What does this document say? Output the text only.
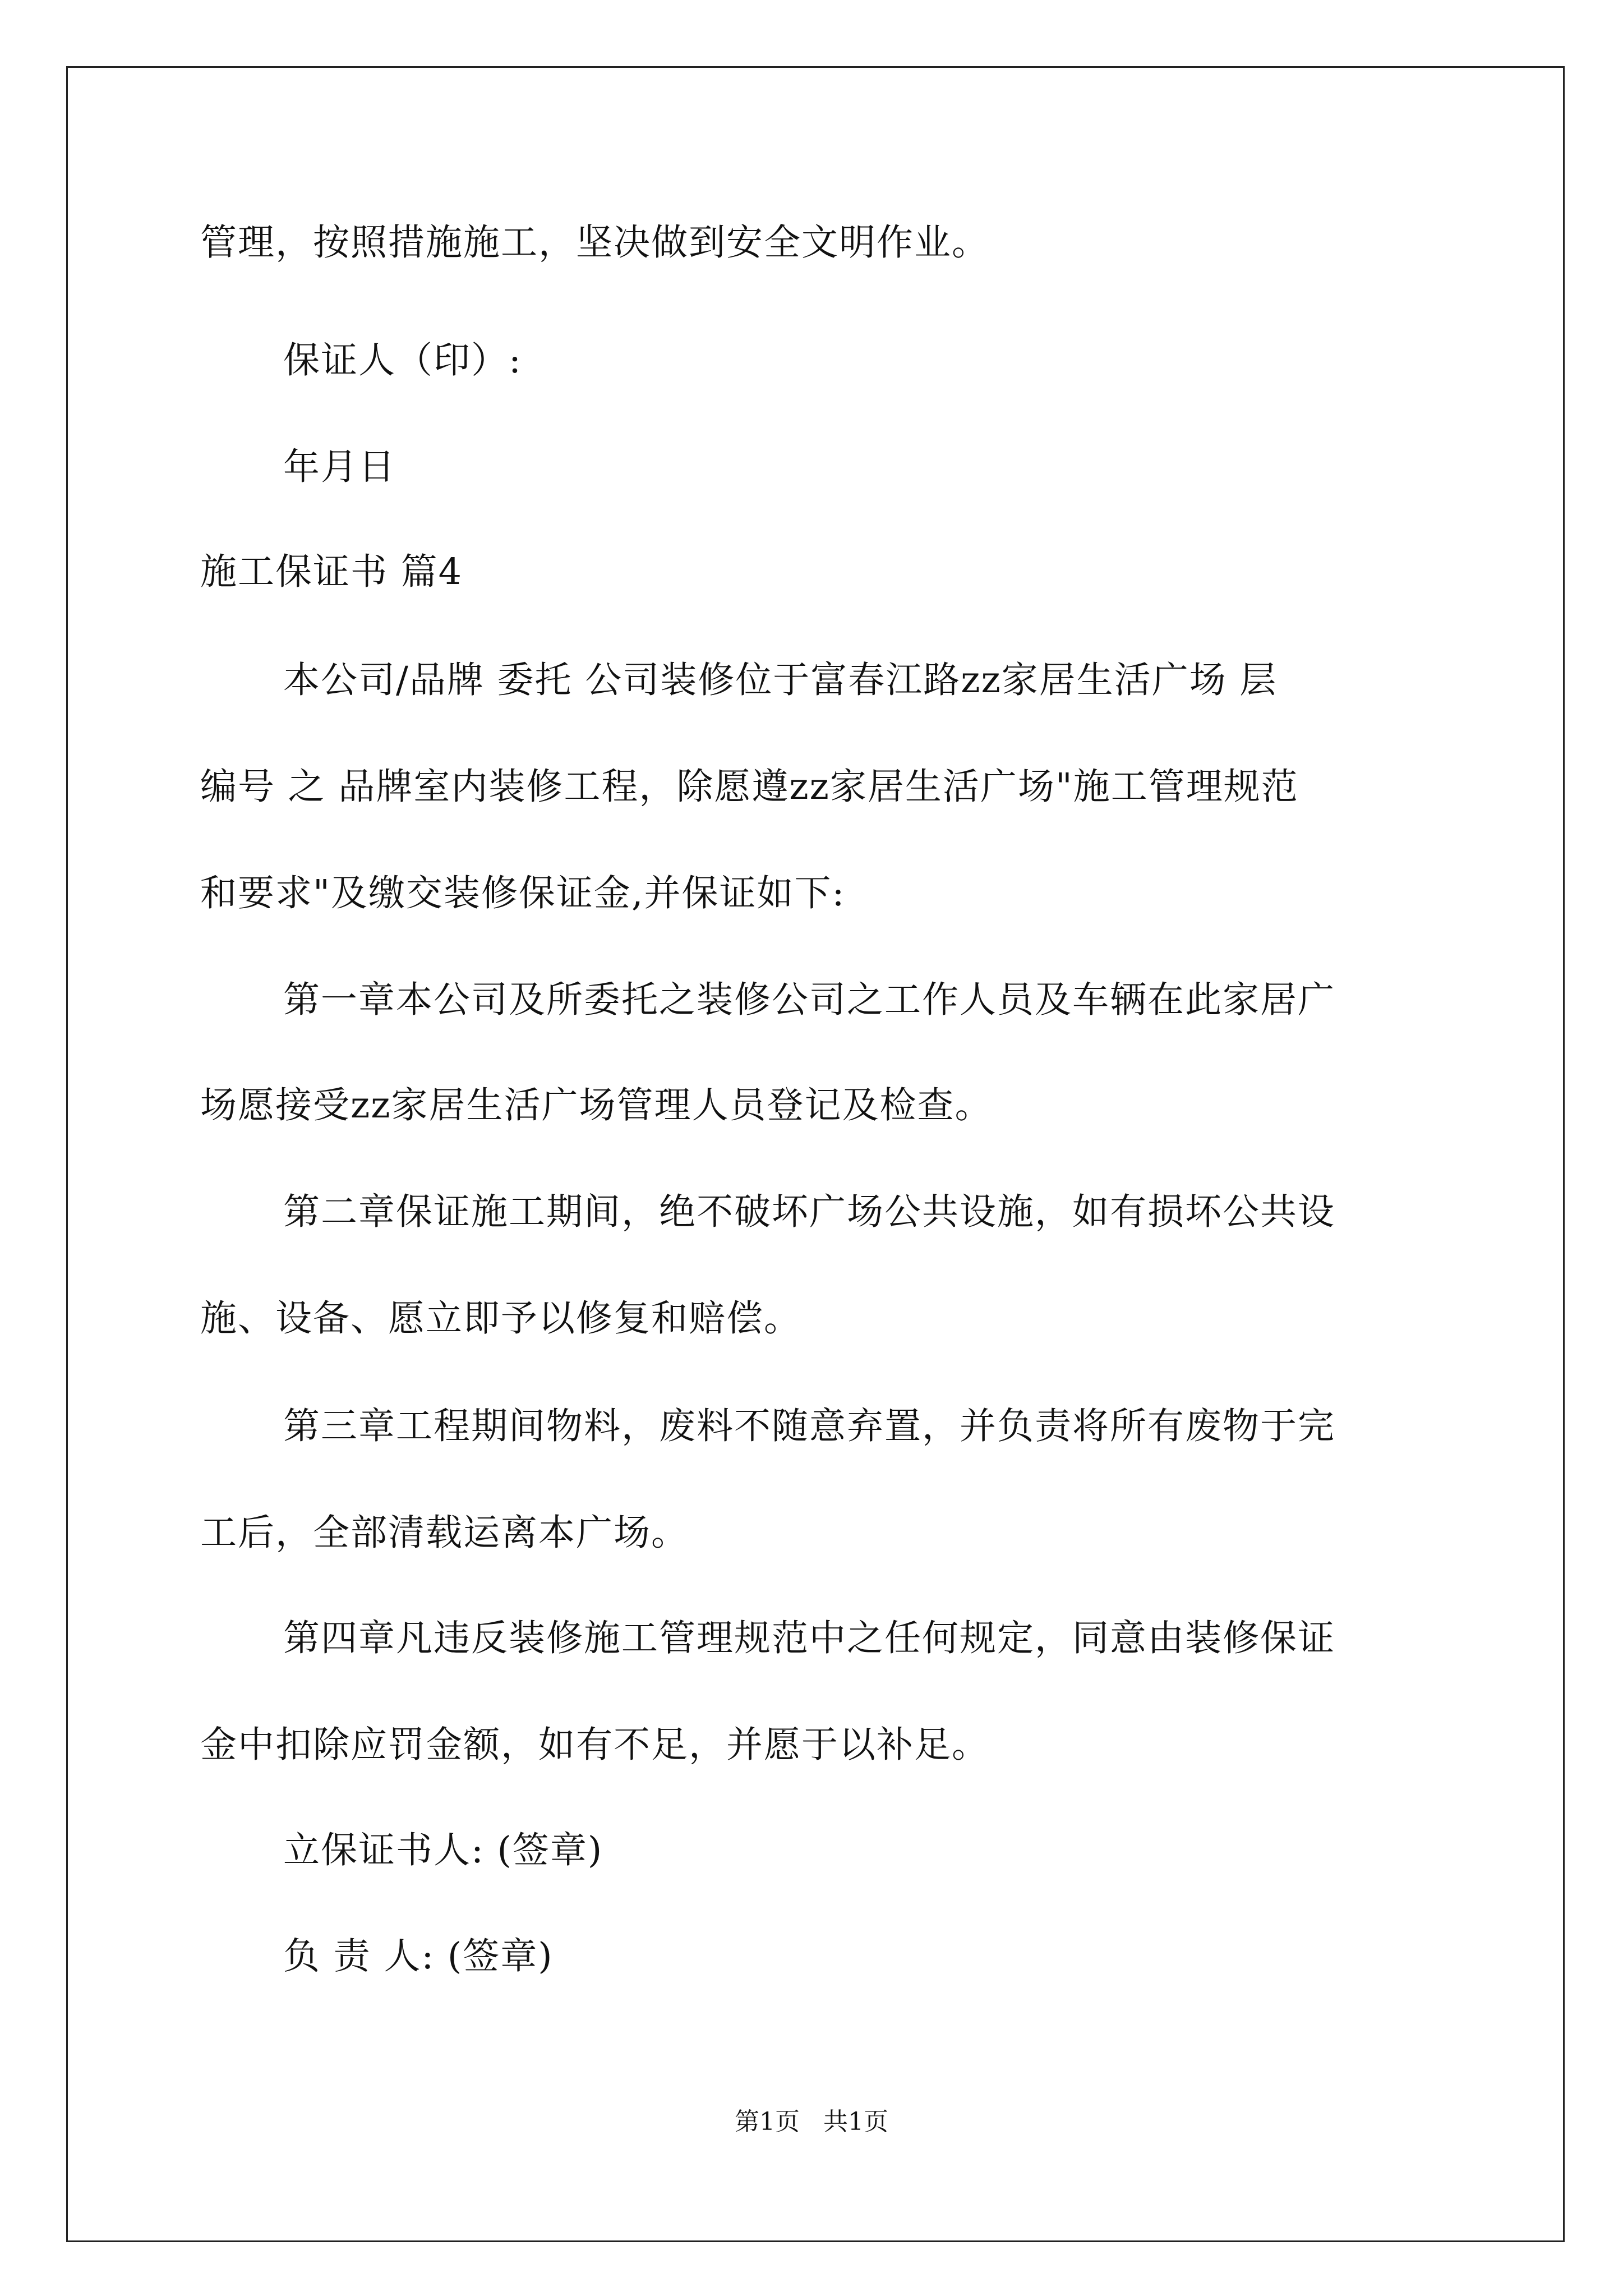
管理，按照措施施工，坚决做到安全文明作业。
保证人（印）:
年月日
施工保证书 篇4
本公司/品牌 委托 公司装修位于富春江路zz家居生活广场 层
编号 之 品牌室内装修工程，除愿遵zz家居生活广场"施工管理规范
和要求"及缴交装修保证金,并保证如下:
第一章本公司及所委托之装修公司之工作人员及车辆在此家居广
场愿接受zz家居生活广场管理人员登记及检查。
第二章保证施工期间，绝不破坏广场公共设施，如有损坏公共设
施、设备、愿立即予以修复和赔偿。
第三章工程期间物料，废料不随意弃置，并负责将所有废物于完
工后，全部清载运离本广场。
第四章凡违反装修施工管理规范中之任何规定，同意由装修保证
金中扣除应罚金额，如有不足，并愿于以补足。
立保证书人: (签章)
负 责 人: (签章)
第1页   共1页
